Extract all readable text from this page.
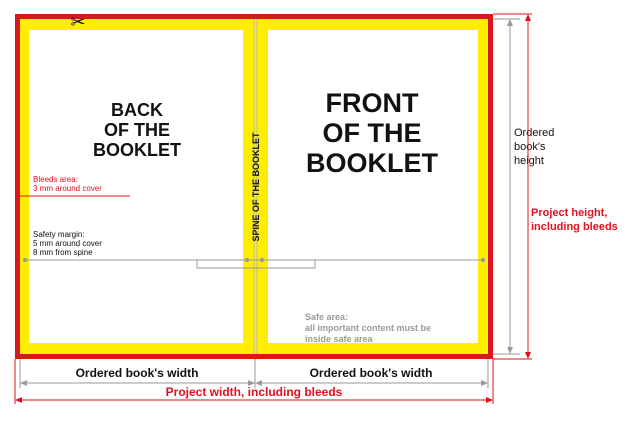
✂
BACK
OF THE
BOOKLET
FRONT
OF THE
BOOKLET
SPINE OF THE BOOKLET
Bleeds area:
3 mm around cover
Safety margin:
5 mm around cover
8 mm from spine
Safe area:
all important content must be
inside safe area
Ordered
book's
height
Project height,
including bleeds
Ordered book's width	Ordered book's width
Project width, including bleeds
